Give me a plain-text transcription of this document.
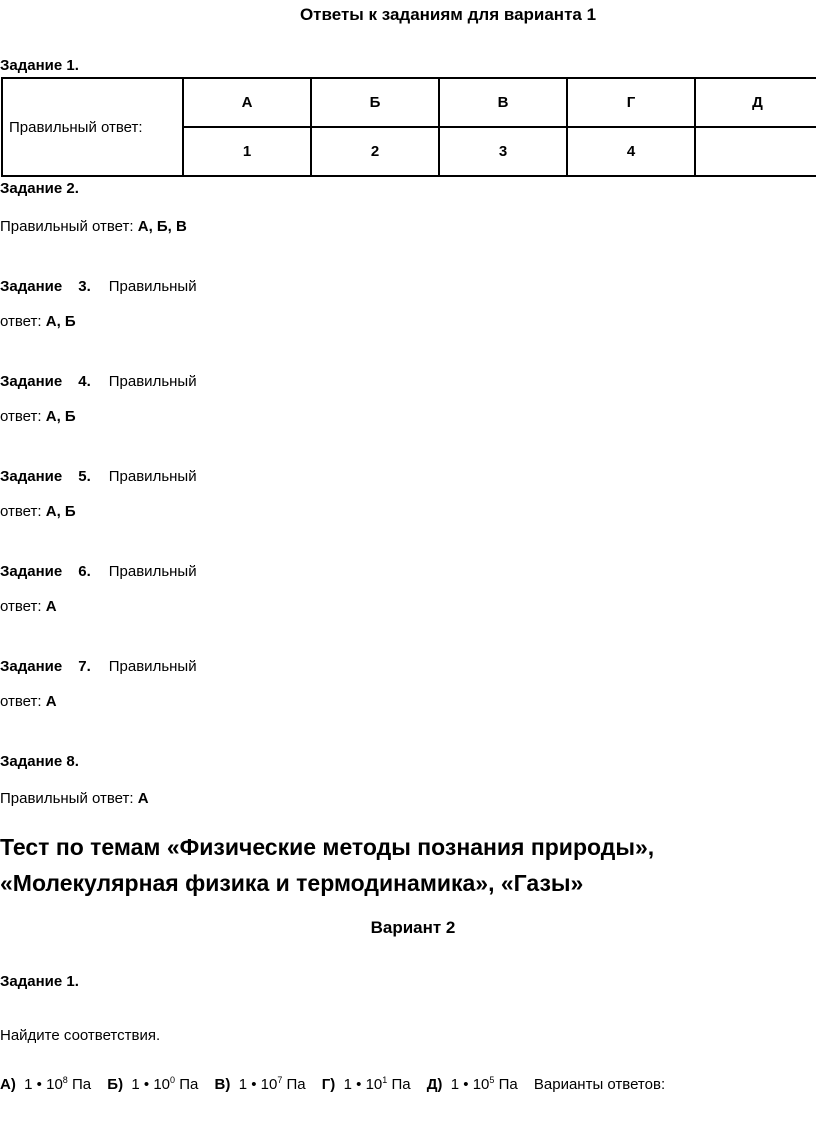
Ответы к заданиям для варианта 1
Задание 1.
Правильный ответ:	А	Б	В	Г	Д
	1	2	3	4	
Задание 2.
Правильный ответ: А, Б, В
Задание 3. Правильный
ответ: А, Б
Задание 4. Правильный
ответ: А, Б
Задание 5. Правильный
ответ: А, Б
Задание 6. Правильный
ответ: А
Задание 7. Правильный
ответ: А
Задание 8.
Правильный ответ: А
Тест по темам «Физические методы познания природы»,
«Молекулярная физика и термодинамика», «Газы»
Вариант 2
Задание 1.
Найдите соответствия.
А) 1 • $10^8$ Па Б) 1 • $10^0$ Па В) 1 • $10^7$ Па Г) 1 • $10^1$ Па Д) 1 • $10^5$ Па Варианты ответов:
